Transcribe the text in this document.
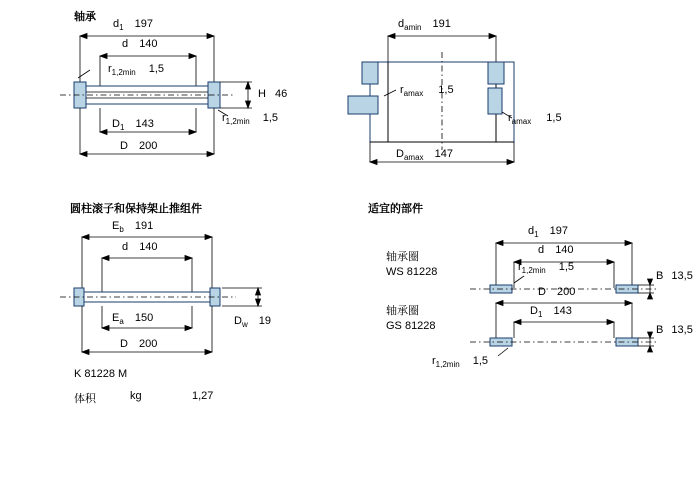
轴承
圆柱滚子和保持架止推组件	适宜的部件
$d_1$ 197
d 140
$r_{1,2min}$ 1,5
H 46
$r_{1,2min}$ 1,5
$D_1$ 143
D 200
$d_{amin}$ 191
$r_{amax}$ 1,5
$r_{amax}$ 1,5
$D_{amax}$ 147
$E_b$ 191
d 140
$E_a$ 150	$D_w$ 19
D 200
K 81228 M
体积	kg	1,27
轴承圈
WS 81228
轴承圈
GS 81228
$d_1$ 197
d 140
$r_{1,2min}$ 1,5
B 13,5
D 200
$D_1$ 143
B 13,5
$r_{1,2min}$ 1,5
